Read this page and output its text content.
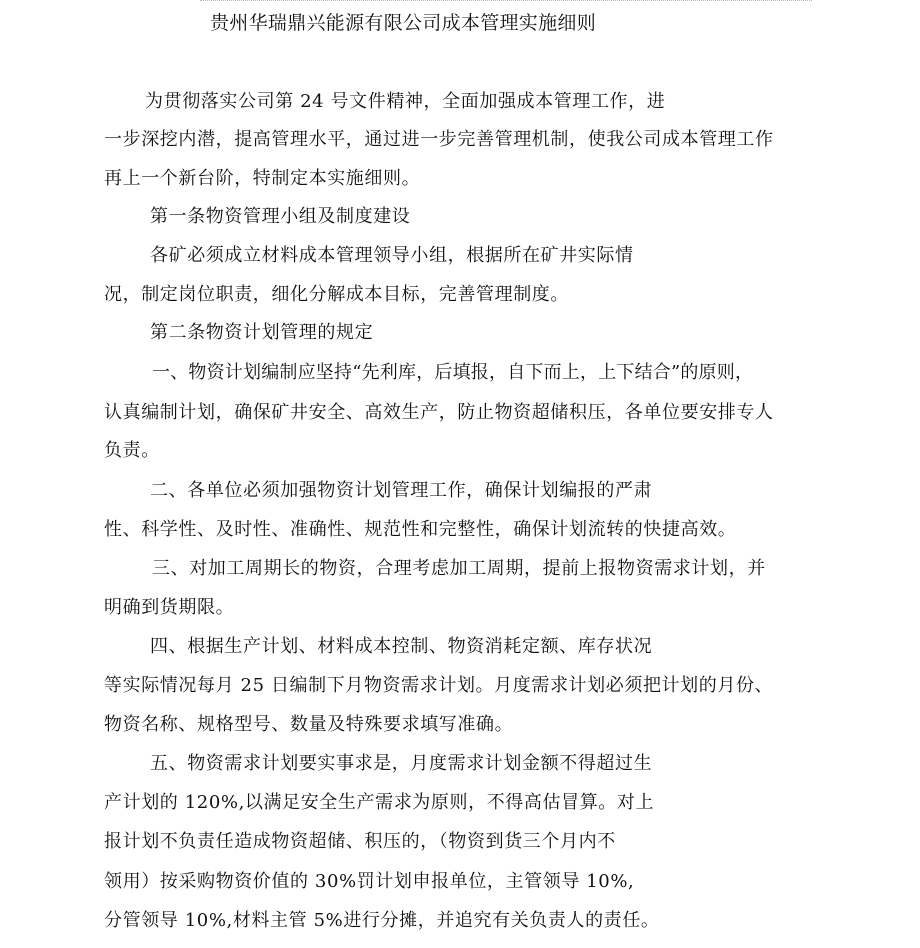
贵州华瑞鼎兴能源有限公司成本管理实施细则
为贯彻落实公司第 24 号文件精神，全面加强成本管理工作，进
一步深挖内潜，提高管理水平，通过进一步完善管理机制，使我公司成本管理工作
再上一个新台阶，特制定本实施细则。
第一条物资管理小组及制度建设
各矿必须成立材料成本管理领导小组，根据所在矿井实际情
况，制定岗位职责，细化分解成本目标，完善管理制度。
第二条物资计划管理的规定
一、物资计划编制应坚持“先利库，后填报，自下而上，上下结合”的原则，
认真编制计划，确保矿井安全、高效生产，防止物资超储积压，各单位要安排专人
负责。
二、各单位必须加强物资计划管理工作，确保计划编报的严肃
性、科学性、及时性、准确性、规范性和完整性，确保计划流转的快捷高效。
三、对加工周期长的物资，合理考虑加工周期，提前上报物资需求计划，并
明确到货期限。
四、根据生产计划、材料成本控制、物资消耗定额、库存状况
等实际情况每月 25 日编制下月物资需求计划。月度需求计划必须把计划的月份、
物资名称、规格型号、数量及特殊要求填写准确。
五、物资需求计划要实事求是，月度需求计划金额不得超过生
产计划的 120%,以满足安全生产需求为原则，不得高估冒算。对上
报计划不负责任造成物资超储、积压的，（物资到货三个月内不
领用）按采购物资价值的 30%罚计划申报单位，主管领导 10%,
分管领导 10%,材料主管 5%进行分摊，并追究有关负责人的责任。
